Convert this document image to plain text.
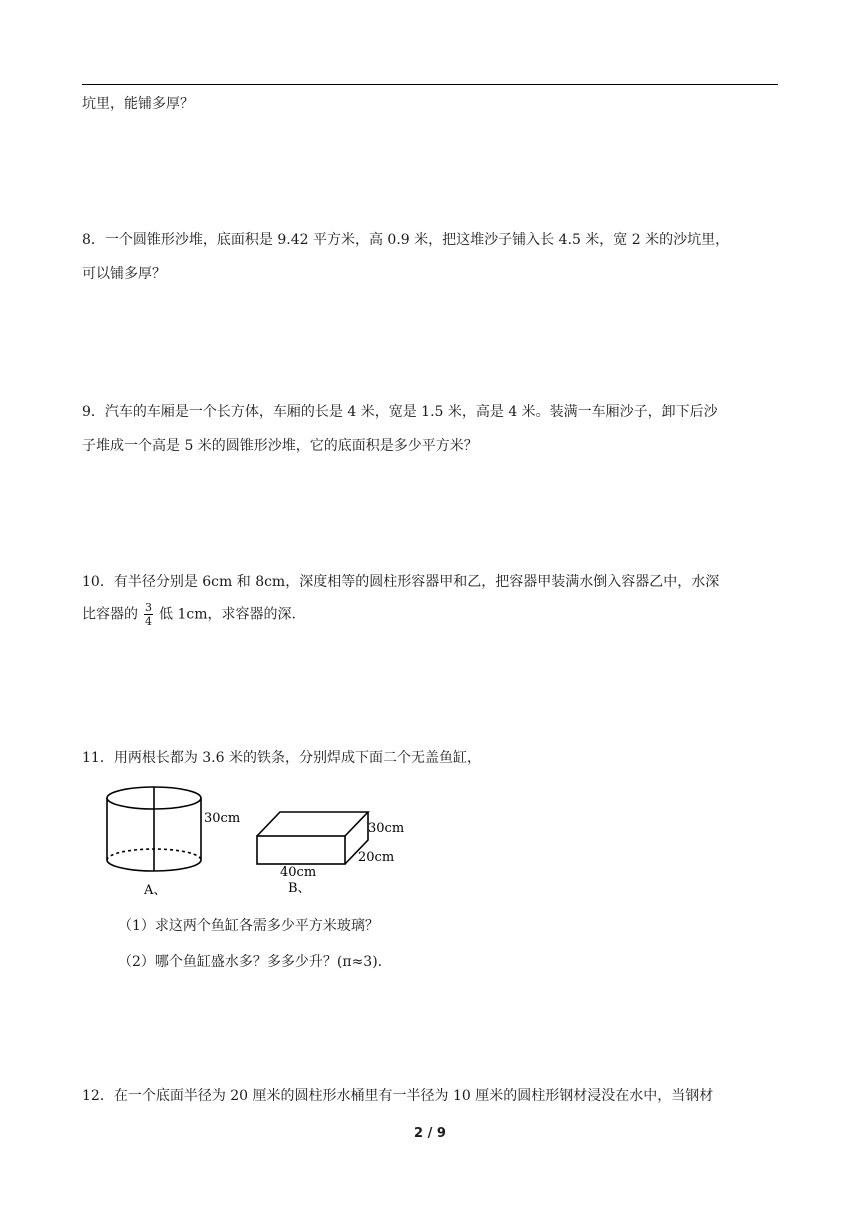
坑里，能铺多厚？
8．一个圆锥形沙堆，底面积是 9.42 平方米，高 0.9 米，把这堆沙子铺入长 4.5 米，宽 2 米的沙坑里，
可以铺多厚？
9．汽车的车厢是一个长方体，车厢的长是 4 米，宽是 1.5 米，高是 4 米。装满一车厢沙子，卸下后沙
子堆成一个高是 5 米的圆锥形沙堆，它的底面积是多少平方米？
10．有半径分别是 6cm 和 8cm，深度相等的圆柱形容器甲和乙，把容器甲装满水倒入容器乙中，水深
比容器的 $\frac{3}{4}$ 低 1cm，求容器的深.
11．用两根长都为 3.6 米的铁条，分别焊成下面二个无盖鱼缸，
30cm
A、
30cm
20cm
40cm
B、
（1）求这两个鱼缸各需多少平方米玻璃？
（2）哪个鱼缸盛水多？多多少升？(π≈3).
12．在一个底面半径为 20 厘米的圆柱形水桶里有一半径为 10 厘米的圆柱形钢材浸没在水中，当钢材
2 / 9
